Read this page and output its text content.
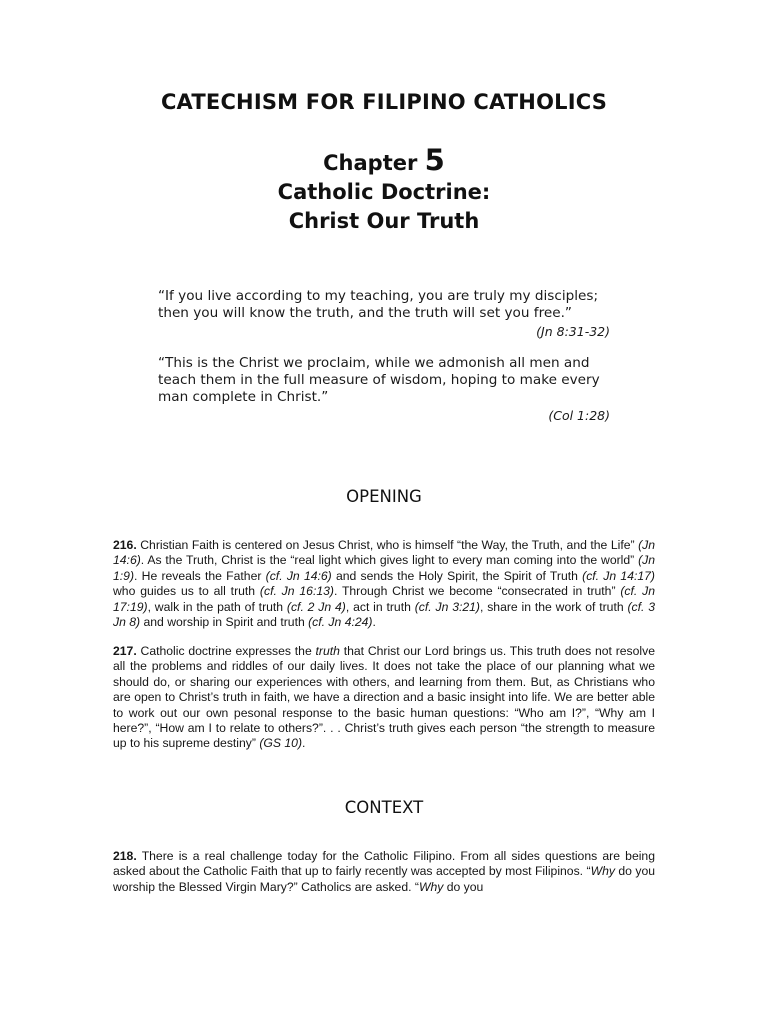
CATECHISM FOR FILIPINO CATHOLICS
Chapter 5
Catholic Doctrine:
Christ Our Truth
“If you live according to my teaching, you are truly my disciples; then you will know the truth, and the truth will set you free.”
(Jn 8:31-32)
“This is the Christ we proclaim, while we admonish all men and teach them in the full measure of wisdom, hoping to make every man complete in Christ.”
(Col 1:28)
OPENING
216. Christian Faith is centered on Jesus Christ, who is himself “the Way, the Truth, and the Life” (Jn 14:6). As the Truth, Christ is the “real light which gives light to every man coming into the world” (Jn 1:9). He reveals the Father (cf. Jn 14:6) and sends the Holy Spirit, the Spirit of Truth (cf. Jn 14:17) who guides us to all truth (cf. Jn 16:13). Through Christ we become “consecrated in truth” (cf. Jn 17:19), walk in the path of truth (cf. 2 Jn 4), act in truth (cf. Jn 3:21), share in the work of truth (cf. 3 Jn 8) and worship in Spirit and truth (cf. Jn 4:24).
217. Catholic doctrine expresses the truth that Christ our Lord brings us. This truth does not resolve all the problems and riddles of our daily lives. It does not take the place of our planning what we should do, or sharing our experiences with others, and learning from them. But, as Christians who are open to Christ’s truth in faith, we have a direction and a basic insight into life. We are better able to work out our own pesonal response to the basic human questions: “Who am I?”, “Why am I here?”, “How am I to relate to others?”. . . Christ’s truth gives each person “the strength to measure up to his supreme destiny” (GS 10).
CONTEXT
218. There is a real challenge today for the Catholic Filipino. From all sides questions are being asked about the Catholic Faith that up to fairly recently was accepted by most Filipinos. “Why do you worship the Blessed Virgin Mary?” Catholics are asked. “Why do you
